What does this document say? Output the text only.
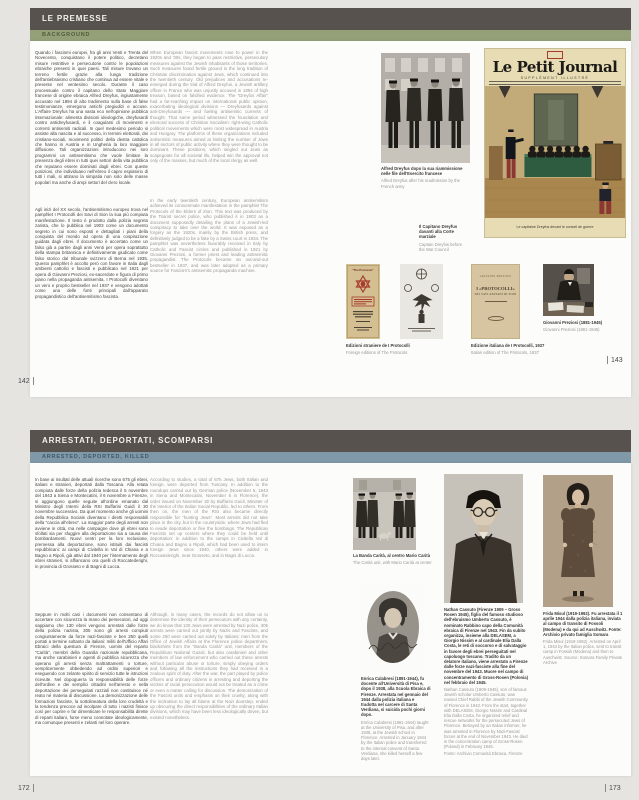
LE PREMESSE
BACKGROUND
Quando i fascismi europei, fra gli anni Venti e Trenta del Novecento, conquistano il potere politico, decretano misure restrittive e persecutorie contro le popolazioni ebraiche presenti in quei paesi. Tali misure trovano un terreno fertile grazie alla lunga tradizione dell'antiebraismo cristiano che continua ad essere vitale e presente nel ventesimo secolo. Durante il caso processuale contro il capitano dello Stato Maggiore francese di origine ebraica Alfred Dreyfus, ingiustamente accusato nel 1894 di alto tradimento sulla base di false testimonianze, emergono antichi pregiudizi e accuse. L'Affaire Dreyfus ha una vasta eco nell'opinione pubblica internazionale: alimenta divisioni ideologiche, dreyfusardi contro antidreyfusardi, e il coagularsi di movimenti e correnti antisemiti radicali. In quel medesimo periodo si assiste alla nascita e al successo, in termini elettorali, dei cristiano-sociali, movimenti politici della destra cattolica che hanno in Austria e in Ungheria la loro maggiore diffusione. Tali organizzazioni introducono nei loro programmi un antisemitismo che vuole limitare la presenza degli ebrei in tutti quei settori della vita pubblica che reputano essere dominati dagli ebrei. Con queste posizioni, che individuano nell'ebreo il capro espiatorio di tutti i mali, si attirano la simpatia non solo delle masse popolari ma anche di ampi settori del clero locale.
Agli inizi del XX secolo, l'antisemitismo europeo trova nel pamphlet I Protocolli dei Savi di Sion la sua più compiuta manifestazione. Il testo è prodotto dalla polizia segreta zarista, che lo pubblica nel 1903 come un documento segreto in cui sono esposti e dettagliati i piani della conquista del mondo ad opera di una cospirazione guidata dagli ebrei. Il documento è accertato come un falso già a partire dagli anni Venti per opera soprattutto della stampa britannica e definitivamente giudicato come falso storico dal tribunale svizzero di Berna nel 1935. Questo pamphlet è accolto però con favore in Italia dagli ambienti cattolici e fascisti e pubblicato nel 1921 per opera di Giovanni Preziosi, ex-sacerdote e figura di primo piano nella propaganda antisemita. I Protocolli diventano un vero e proprio bestseller nel 1937 e vengono adottati come una delle fonti principali dall'apparato propagandistico dell'antisemitismo fascista.
When European fascist movements rose to power in the 1920s and '30s, they began to pass restrictive, persecutory measures against the Jewish inhabitants of those territories. Such measures found fertile ground in the long tradition of Christian discrimination against Jews, which continued into the twentieth century. Old prejudices and accusations re-emerged during the trial of Alfred Dreyfus, a Jewish artillery officer in France who was unjustly accused in 1894 of high treason, based on falsified evidence. The “Dreyfus Affair” had a far-reaching impact on international public opinion, exacerbating ideological divisions — Dreyfusards against anti-Dreyfusards — and fueling antisemitic currents of thought. That same period witnessed the foundation and electoral success of Christian Socialism: right-wing Catholic political movements which were most widespread in Austria and Hungary. The platforms of these organizations included antisemitic measures aimed at limiting the number of Jews in all sectors of public activity where they were thought to be dominant. These positions, which singled out Jews as scapegoats for all societal ills, helped win the approval not only of the masses, but much of the local clergy as well.
In the early twentieth century, European antisemitism achieved its consummate manifestation in the pamphlet The Protocols of the Elders of Zion. This text was produced by the Tsarist secret police, who published it in 1903 as a document supposedly detailing the plans of a Jewish-led conspiracy to take over the world. It was exposed as a forgery as the 1920s, mainly by the British press, and definitively judged to be a fake by a Swiss court in 1934. The pamphlet was nevertheless favorably received in Italy by Catholic and Fascist circles and published in 1921 by Giovanni Preziosi, a former priest and leading antisemitic propagandist. The Protocols became an out-and-out bestseller in 1937, and was later adopted as a primary source for Fascism's antisemitic propaganda machine.
Alfred Dreyfus dopo la sua riammissione nelle file dell'Esercito francese
Alfred Dreyfus after his readmission by the French army
Le Petit Journal
SUPPLÉMENT ILLUSTRÉ
Le capitaine Dreyfus devant le conseil de guerre
Il Capitano Dreyfus davanti alla Corte marziale
Captain Dreyfus before the War Council
“The Protocols”
Edizioni straniere de I Protocolli
Foreign editions of The Protocols
GIOVANNI PREZIOSI
I «PROTOCOLLI»
DEI SAVI ANZIANI DI SION
Edizione italiana de I Protocolli, 1937
Italian edition of The Protocols, 1937
Giovanni Preziosi (1881-1945)
Giovanni Preziosi (1881-1945)
142
143
ARRESTATI, DEPORTATI, SCOMPARSI
ARRESTED, DEPORTED, KILLED
In base ai risultati delle attuali ricerche sono 675 gli ebrei, italiani e stranieri, deportati dalla Toscana. Alla retata compiuta dalle forze della polizia tedesca il 5 novembre del 1943 a Siena e Montecatini, il 6 novembre a Firenze, si aggiungono quelle seguite all'ordine emanato dal Ministro degli Interni della RSI Buffarini Guidi il 30 novembre successivo. Da quel momento anche gli uomini della Repubblica Sociale diventano i diretti responsabili della “caccia all'ebreo”. La maggior parte degli arresti non avviene in città, ma nelle campagne dove gli ebrei sono sfollati sia per sfuggire alla deportazione sia a causa dei bombardamenti. Nuovi centri per la loro reclusione, premessa alla deportazione, sono istituiti dai fascisti repubblicani: ai campi di Civitella in Val di Chiana e a Bagno a Ripoli, già attivi dal 1940 per l'internamento degli ebrei stranieri, si affiancano ora quelli di Roccatederighi, in provincia di Grosseto e di Bagni di Lucca.
Seppure in molti casi i documenti non consentano di accertare con sicurezza la mano dei persecutori, ad oggi sappiamo che 130 ebrei vengono arrestati dalle forze della polizia nazista, 305 sono gli arresti compiuti congiuntamente da forze nazi-fasciste e ben 250 quelli portati a termine soltanto da italiani: militi dell'Ufficio Affari Ebraici della questura di Firenze, uomini del reparto “Carità”, membri della Guardia nazionale repubblicana, ma anche carabinieri e agenti di pubblica sicurezza che operano gli arresti senza maltrattamenti o torture, semplicemente obbedendo ad ordini superiori e eseguendo con zelante spirito di servizio tutte le istruzioni ricevute. Nel dopoguerra la responsabilità delle forze dell'ordine e dei semplici cittadini nell'arresto e nella deportazione dei perseguitati razziali non costituisce né reato né materia di discussione. La demonizzazione delle formazioni fasciste, la sottolineatura della loro crudeltà e la tendenza precoce ad incolpare di tutto i nazisti finisce così per coprire e far dimenticare le responsabilità dirette di reparti italiani, forse meno connotate ideologicamente, ma comunque presenti e zelanti nel loro operare.
According to studies, a total of 675 Jews, both Italian and foreign, were deported from Tuscany. In addition to the roundups carried out by German police (November 5, 1943 in Siena and Montecatini, November 6 in Florence), the order issued on November 30 by Buffarini Guidi, Minister of the Interior of the Italian Social Republic, led to others. From then on, the men of the RSI also became directly responsible for “hunting Jews”. Most arrests did not take place in the city, but in the countryside, where Jews had fled to evade deportation or flee the bombings. The Republican Fascists set up centers where they could be held until deportation: in addition to the camps in Civitella Val di Chiana and Bagno a Ripoli, which had been used to intern foreign Jews since 1940, others were added in Roccatederighi, near Grosseto, and in Bagni di Lucca.
Although, in many cases, the records do not allow us to determine the identity of their persecutors with any certainty, we do know that 130 Jews were arrested by Nazi police, 305 arrests were carried out jointly by Nazis and Fascists, and some 250 were carried out solely by Italians: men from the Office of Jewish Affairs at the Florence police department, blackshirts from the “Banda Carità” unit, members of the Republican National Guard, but also carabinieri and other members of law enforcement who carried out these arrests without particular abuse or torture, simply obeying orders and following all the instructions they had received in a zealous spirit of duty. After the war, the part played by police officers and ordinary citizens in arresting and deporting the victims of racial persecution would not be treated as a crime or even a matter calling for discussion. The demonization of the Fascist units and emphasis on their cruelty, along with the inclination to lay all blame at the Nazi doorstep, ended up obscuring the direct responsibilities of the ordinary Italian divisions, which may have been less ideologically driven, but existed nonetheless.
La Banda Carità, al centro Mario Carità
The Carità unit, with Mario Carità at center
Enrica Calabresi (1891-1944), fu docente all'Università di Pisa e, dopo il 1938, alla Scuola Ebraica di Firenze. Arrestata nel gennaio del 1944 dalla polizia italiana e tradotta nel carcere di Santa Verdiana, si suicida pochi giorni dopo.
Enrica Calabresi (1891-1944) taught at the University of Pisa, and after 1938, at the Jewish school in Florence. Arrested in January 1944 by the Italian police and transferred to the internal convent of Santa Verdiana, she killed herself a few days later.
Nathan Cassuto (Firenze 1909 – Gross Rosen 1945), figlio del famoso studioso dell'ebraismo Umberto Cassuto, è nominato Rabbino capo della Comunità ebraica di Firenze nel 1943. Fin da subito organizza, insieme alla DELASEM, a Giorgio Nissim e al cardinale Elia Dalla Costa, le reti di soccorso e di salvataggio in favore degli ebrei perseguitati nel capoluogo toscano. Tradito da un delatore italiano, viene arrestato a Firenze dalle forze nazi-fasciste alla fine del novembre del 1943. Muore nel campo di concentramento di Gross-Rosen (Polonia) nel febbraio del 1945.
Nathan Cassuto (1909-1945), son of famous Jewish scholar Umberto Cassuto, was named Chief Rabbi of the Jewish Community of Florence in 1943. From the start, together with DELASEM, Giorgio Nissim and Cardinal Elia Dalla Costa, he organized relief and rescue networks for the persecuted Jews of Florence. Betrayed by an Italian informer, he was arrested in Florence by Nazi-Fascist forces at the end of November 1943. He died in the concentration camp of Gross-Rosen (Poland) in February 1945.
Fonte: Archivio Comunità Ebraica, Firenze
Frida Misul (1919-1992). Fu arrestata il 1 aprile 1944 dalla polizia italiana, inviata al campo di transito di Fossoli (Modena) e da qui ad Auschwitz. Fonte: Archivio privato famiglia Somara
Frida Misul (1919-1992). Arrested on April 1, 1944 by the Italian police, sent to transit camp in Fossoli (Modena) and then to Auschwitz. Source: Somara Family Private Archive
172	173
